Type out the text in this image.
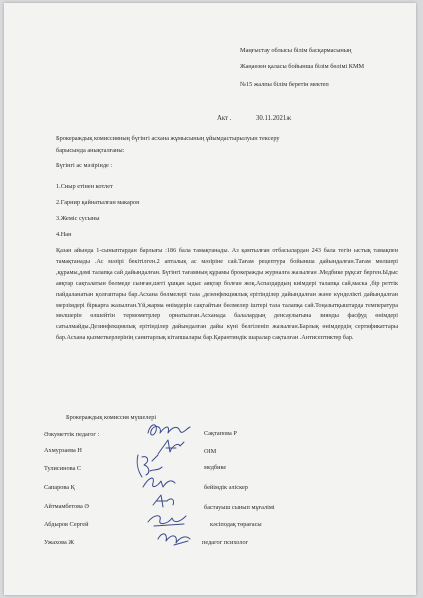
Маңғыстау облысы білім басқармасының
Жаңаөзен қаласы бойынша білім бөлімі КММ
№15 жалпы білім беретін мектеп
Акт .	30.11.2021ж
Брокераждық комиссияның бүгінгі асхана жұмысының ұйымдастырылуын тексеру
барысында анықталғаны:
Бүгінгі ас мәзірінде :
1.Сиыр етінен котлет
2.Гарнир қайнатылған макарон
3.Жеміс сусыны
4.Нан
Қазан айында 1-сыныптардан барлығы :186 бала тамақтанады. Аз қамтылған отбасылардан 243 бала тегін ыстық тамақпен тамақтанады .Ас мәзірі бекітілген.2 апталық ас мәзіріне сай.Тағам рецептура бойынша дайындалған.Тағам мөлшері ,құрамы,дәмі талапқа сай дайындалған. Бүгінгі тағамның құрамы брокеражды журналға жазылған .Медбике рұқсат берген.Ыдыс аяқтар сақталатын бөлмеде сынған,шеті ұшқан ыдыс аяқтар болған жоқ.Аспаздардың киімдері талапқа сай,маска ,бір реттік пайдаланатын қолғаптары бар.Асхана бөлмелері таза ,дезенфекциялық ерітінділер дайындалған және күнделікті дайындалған мерзімдері біркарға жазылған.Үй,жарма өнімдерін сақтайтын бөлмелер іштері таза талапқа сай.Тоңазытқыштарда температура мөлшерін өлшейтін термометрлер орнатылған.Асханада балалардың денсаулығына зиянды фасфуд өнімдері сатылмайды.Дезинфекциялық ерітінділер дайындалған дайы күні белгіленіп жазылған.Барлық өнімдердің сертификаттары бар.Асхана қызметкерлерінің санитарлық кітапшалары бар.Қарантиндік шаралар сақталған .Антисептиктер бар.
Брокераждық комиссия мүшелері
Әзкуметтік педагог :	Сақтапова Р
Ахмурзаева Н	ОІМ
Тулисинова С	медбике
Сапарова Қ	бейімдік әліскер
Айтмамбетова Ә	бастауыш сынып мұғалімі
Абдыров Сергей	кәсіподақ төрағасы
Ужахова Ж	педагог психолог
